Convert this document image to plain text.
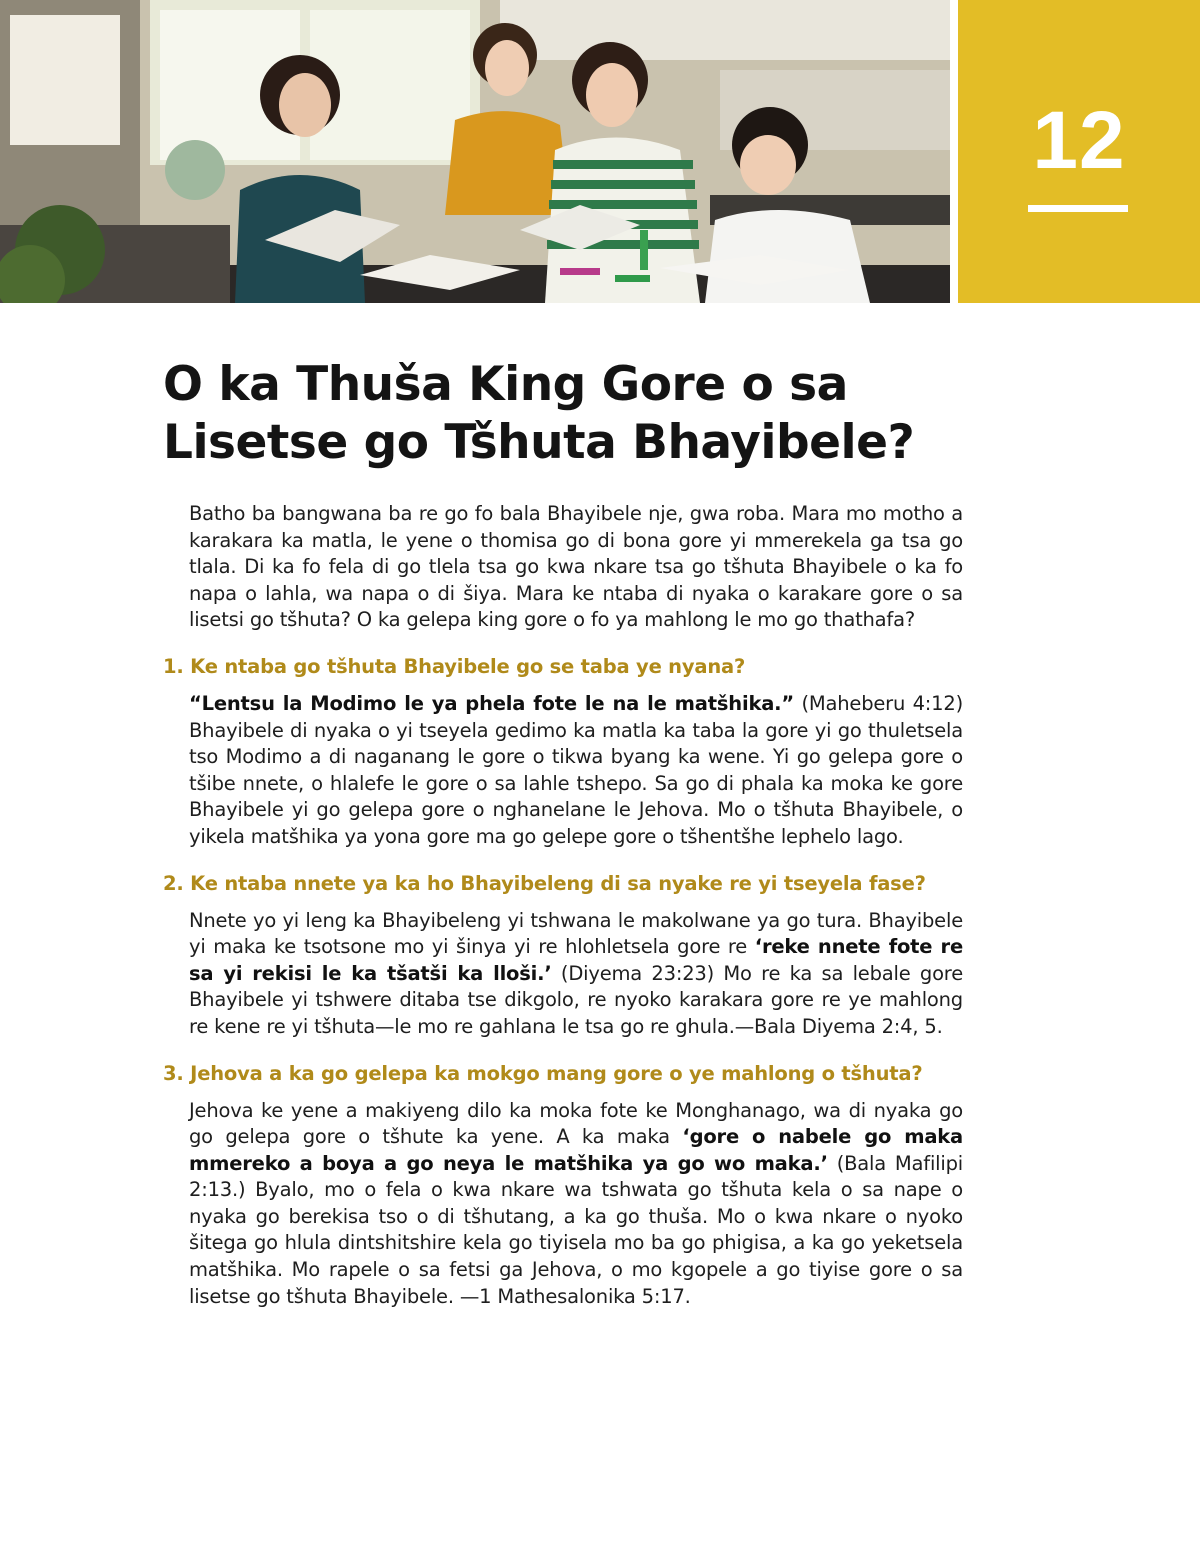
12
O ka Thuša King Gore o sa
Lisetse go Tšhuta Bhayibele?

Batho ba bangwana ba re go fo bala Bhayibele nje, gwa roba. Mara mo motho a karakara ka matla, le yene o thomisa go di bona gore yi mmerekela ga tsa go tlala. Di ka fo fela di go tlela tsa go kwa nkare tsa go tšhuta Bhayibele o ka fo napa o lahla, wa napa o di šiya. Mara ke ntaba di nyaka o karakare gore o sa lisetsi go tšhuta? O ka gelepa king gore o fo ya mahlong le mo go thathafa?

1. Ke ntaba go tšhuta Bhayibele go se taba ye nyana?

“Lentsu la Modimo le ya phela fote le na le matšhika.” (Maheberu 4:12) Bhayibele di nyaka o yi tseyela gedimo ka matla ka taba la gore yi go thuletsela tso Modimo a di naganang le gore o tikwa byang ka wene. Yi go gelepa gore o tšibe nnete, o hlalefe le gore o sa lahle tshepo. Sa go di phala ka moka ke gore Bhayibele yi go gelepa gore o nghanelane le Jehova. Mo o tšhuta Bhayibele, o yikela matšhika ya yona gore ma go gelepe gore o tšhentšhe lephelo lago.

2. Ke ntaba nnete ya ka ho Bhayibeleng di sa nyake re yi tseyela fase?

Nnete yo yi leng ka Bhayibeleng yi tshwana le makolwane ya go tura. Bhayibele yi maka ke tsotsone mo yi šinya yi re hlohletsela gore re ‘reke nnete fote re sa yi rekisi le ka tšatši ka lloši.’ (Diyema 23:23) Mo re ka sa lebale gore Bhayibele yi tshwere ditaba tse dikgolo, re nyoko karakara gore re ye mahlong re kene re yi tšhuta—le mo re gahlana le tsa go re ghula.—Bala Diyema 2:4, 5.

3. Jehova a ka go gelepa ka mokgo mang gore o ye mahlong o tšhuta?

Jehova ke yene a makiyeng dilo ka moka fote ke Monghanago, wa di nyaka go go gelepa gore o tšhute ka yene. A ka maka ‘gore o nabele go maka mmereko a boya a go neya le matšhika ya go wo maka.’ (Bala Mafilipi 2:13.) Byalo, mo o fela o kwa nkare wa tshwata go tšhuta kela o sa nape o nyaka go berekisa tso o di tšhutang, a ka go thuša. Mo o kwa nkare o nyoko šitega go hlula dintshitshire kela go tiyisela mo ba go phigisa, a ka go yeketsela matšhika. Mo rapele o sa fetsi ga Jehova, o mo kgopele a go tiyise gore o sa lisetse go tšhuta Bhayibele. —1 Mathesalonika 5:17.
